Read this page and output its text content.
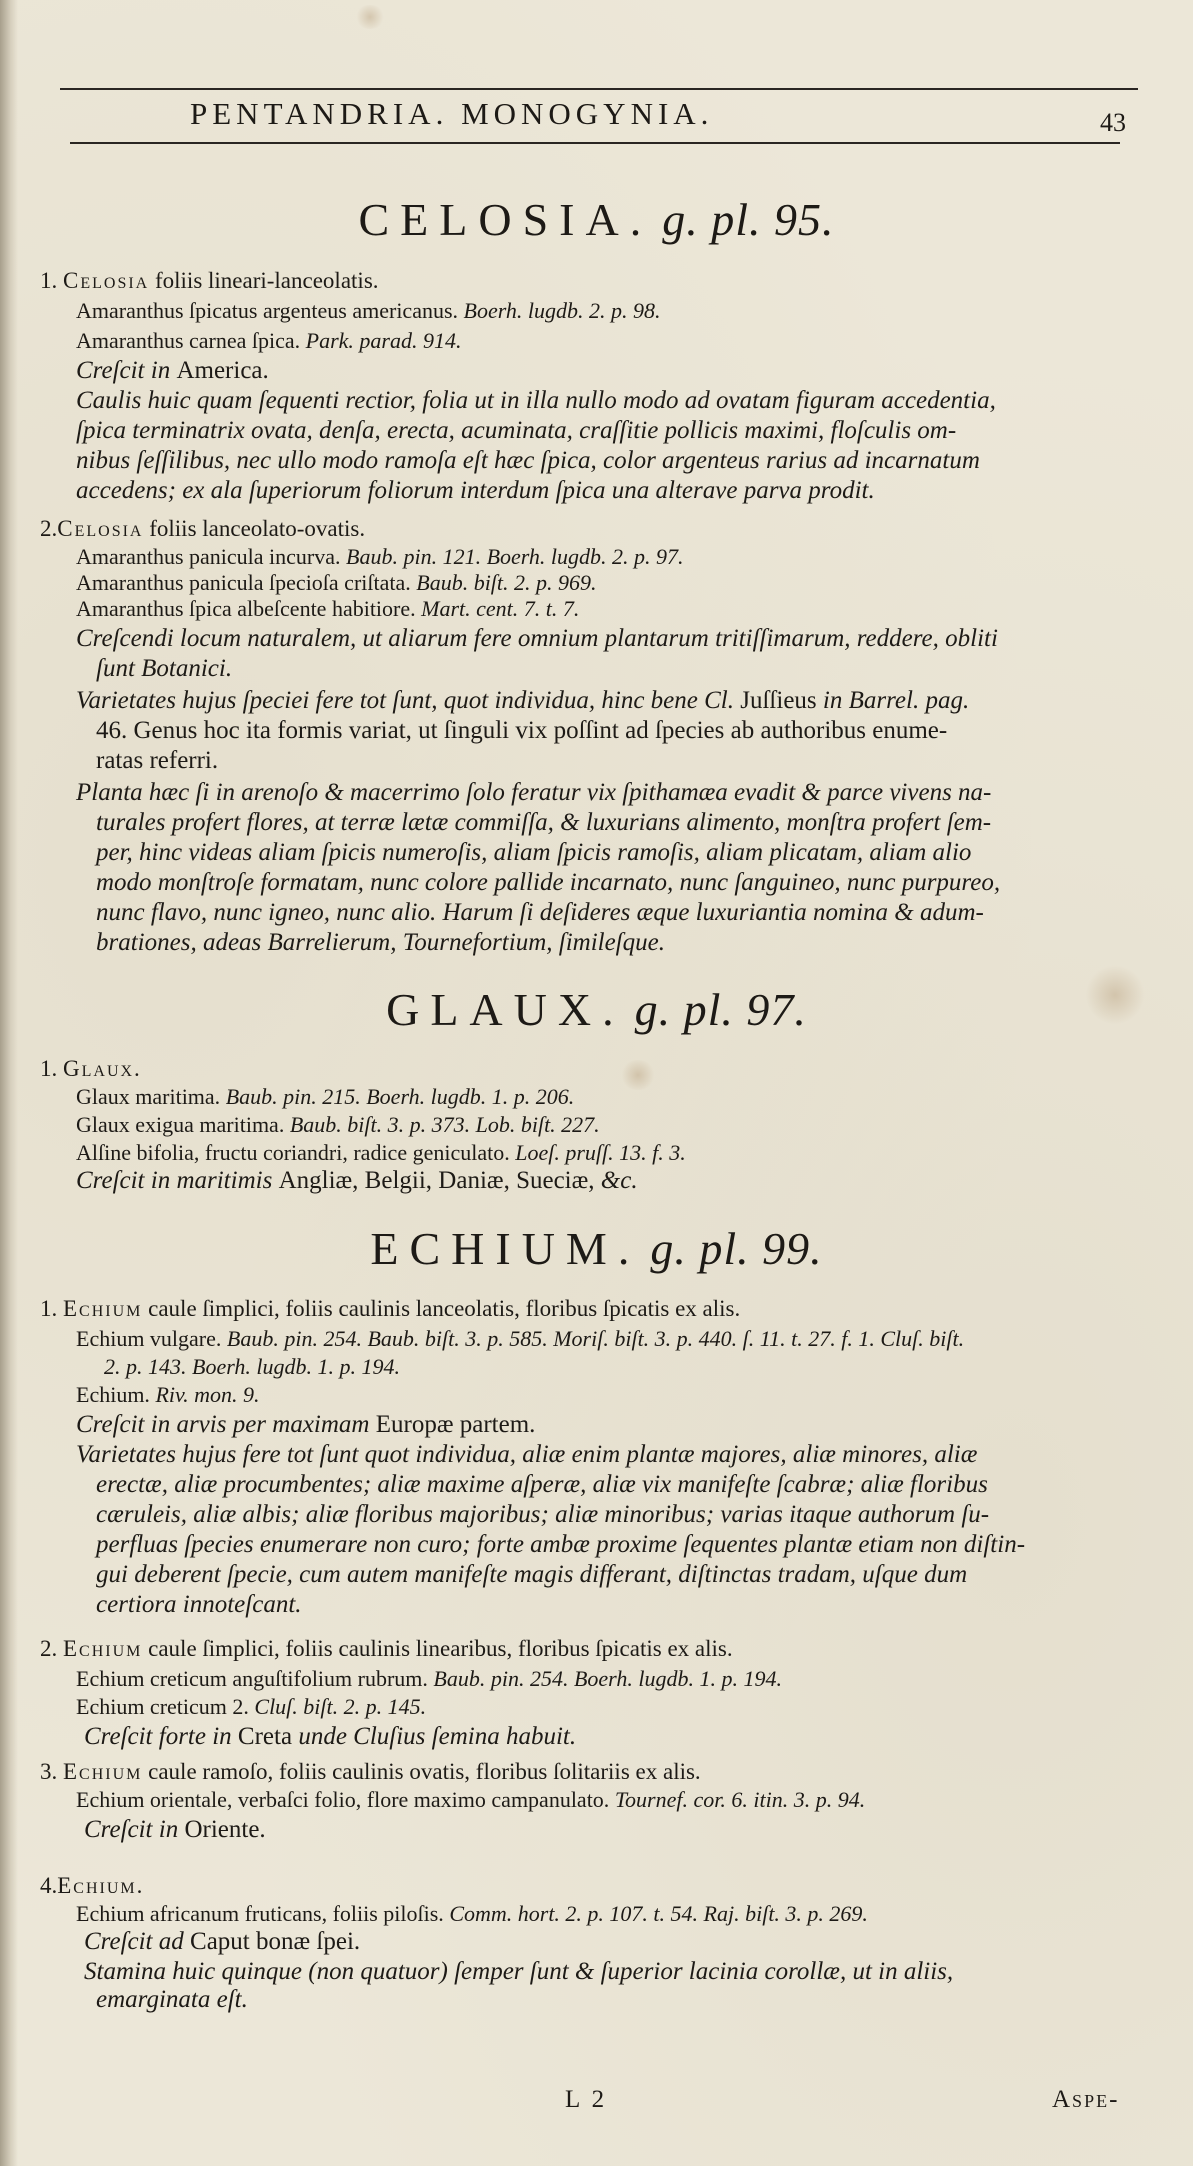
PENTANDRIA. MONOGYNIA.	43
CELOSIA. g. pl. 95.
1. Celosia foliis lineari-lanceolatis.
Amaranthus ſpicatus argenteus americanus. Boerh. lugdb. 2. p. 98.
Amaranthus carnea ſpica. Park. parad. 914.
Creſcit in America.
Caulis huic quam ſequenti rectior, folia ut in illa nullo modo ad ovatam figuram accedentia,
ſpica terminatrix ovata, denſa, erecta, acuminata, craſſitie pollicis maximi, floſculis om-
nibus ſeſſilibus, nec ullo modo ramoſa eſt hæc ſpica, color argenteus rarius ad incarnatum
accedens; ex ala ſuperiorum foliorum interdum ſpica una alterave parva prodit.
2.Celosia foliis lanceolato-ovatis.
Amaranthus panicula incurva. Baub. pin. 121. Boerh. lugdb. 2. p. 97.
Amaranthus panicula ſpecioſa criſtata. Baub. biſt. 2. p. 969.
Amaranthus ſpica albeſcente habitiore. Mart. cent. 7. t. 7.
Creſcendi locum naturalem, ut aliarum fere omnium plantarum tritiſſimarum, reddere, obliti
ſunt Botanici.
Varietates hujus ſpeciei fere tot ſunt, quot individua, hinc bene Cl. Juſſieus in Barrel. pag.
46. Genus hoc ita formis variat, ut ſinguli vix poſſint ad ſpecies ab authoribus enume-
ratas referri.
Planta hæc ſi in arenoſo & macerrimo ſolo feratur vix ſpithamæa evadit & parce vivens na-
turales profert flores, at terræ lætæ commiſſa, & luxurians alimento, monſtra profert ſem-
per, hinc videas aliam ſpicis numeroſis, aliam ſpicis ramoſis, aliam plicatam, aliam alio
modo monſtroſe formatam, nunc colore pallide incarnato, nunc ſanguineo, nunc purpureo,
nunc flavo, nunc igneo, nunc alio. Harum ſi deſideres æque luxuriantia nomina & adum-
brationes, adeas Barrelierum, Tournefortium, ſimileſque.
GLAUX. g. pl. 97.
1. Glaux.
Glaux maritima. Baub. pin. 215. Boerh. lugdb. 1. p. 206.
Glaux exigua maritima. Baub. biſt. 3. p. 373. Lob. biſt. 227.
Alſine bifolia, fructu coriandri, radice geniculato. Loeſ. pruſſ. 13. f. 3.
Creſcit in maritimis Angliæ, Belgii, Daniæ, Sueciæ, &c.
ECHIUM. g. pl. 99.
1. Echium caule ſimplici, foliis caulinis lanceolatis, floribus ſpicatis ex alis.
Echium vulgare. Baub. pin. 254. Baub. biſt. 3. p. 585. Moriſ. biſt. 3. p. 440. ſ. 11. t. 27. f. 1. Cluſ. biſt.
2. p. 143. Boerh. lugdb. 1. p. 194.
Echium. Riv. mon. 9.
Creſcit in arvis per maximam Europæ partem.
Varietates hujus fere tot ſunt quot individua, aliæ enim plantæ majores, aliæ minores, aliæ
erectæ, aliæ procumbentes; aliæ maxime aſperæ, aliæ vix manifeſte ſcabræ; aliæ floribus
cæruleis, aliæ albis; aliæ floribus majoribus; aliæ minoribus; varias itaque authorum ſu-
perfluas ſpecies enumerare non curo; forte ambæ proxime ſequentes plantæ etiam non diſtin-
gui deberent ſpecie, cum autem manifeſte magis differant, diſtinctas tradam, uſque dum
certiora innoteſcant.
2. Echium caule ſimplici, foliis caulinis linearibus, floribus ſpicatis ex alis.
Echium creticum anguſtifolium rubrum. Baub. pin. 254. Boerh. lugdb. 1. p. 194.
Echium creticum 2. Cluſ. biſt. 2. p. 145.
Creſcit forte in Creta unde Cluſius ſemina habuit.
3. Echium caule ramoſo, foliis caulinis ovatis, floribus ſolitariis ex alis.
Echium orientale, verbaſci folio, flore maximo campanulato. Tournef. cor. 6. itin. 3. p. 94.
Creſcit in Oriente.
4.Echium.
Echium africanum fruticans, foliis piloſis. Comm. hort. 2. p. 107. t. 54. Raj. biſt. 3. p. 269.
Creſcit ad Caput bonæ ſpei.
Stamina huic quinque (non quatuor) ſemper ſunt & ſuperior lacinia corollæ, ut in aliis,
emarginata eſt.
L 2	Aspe-
